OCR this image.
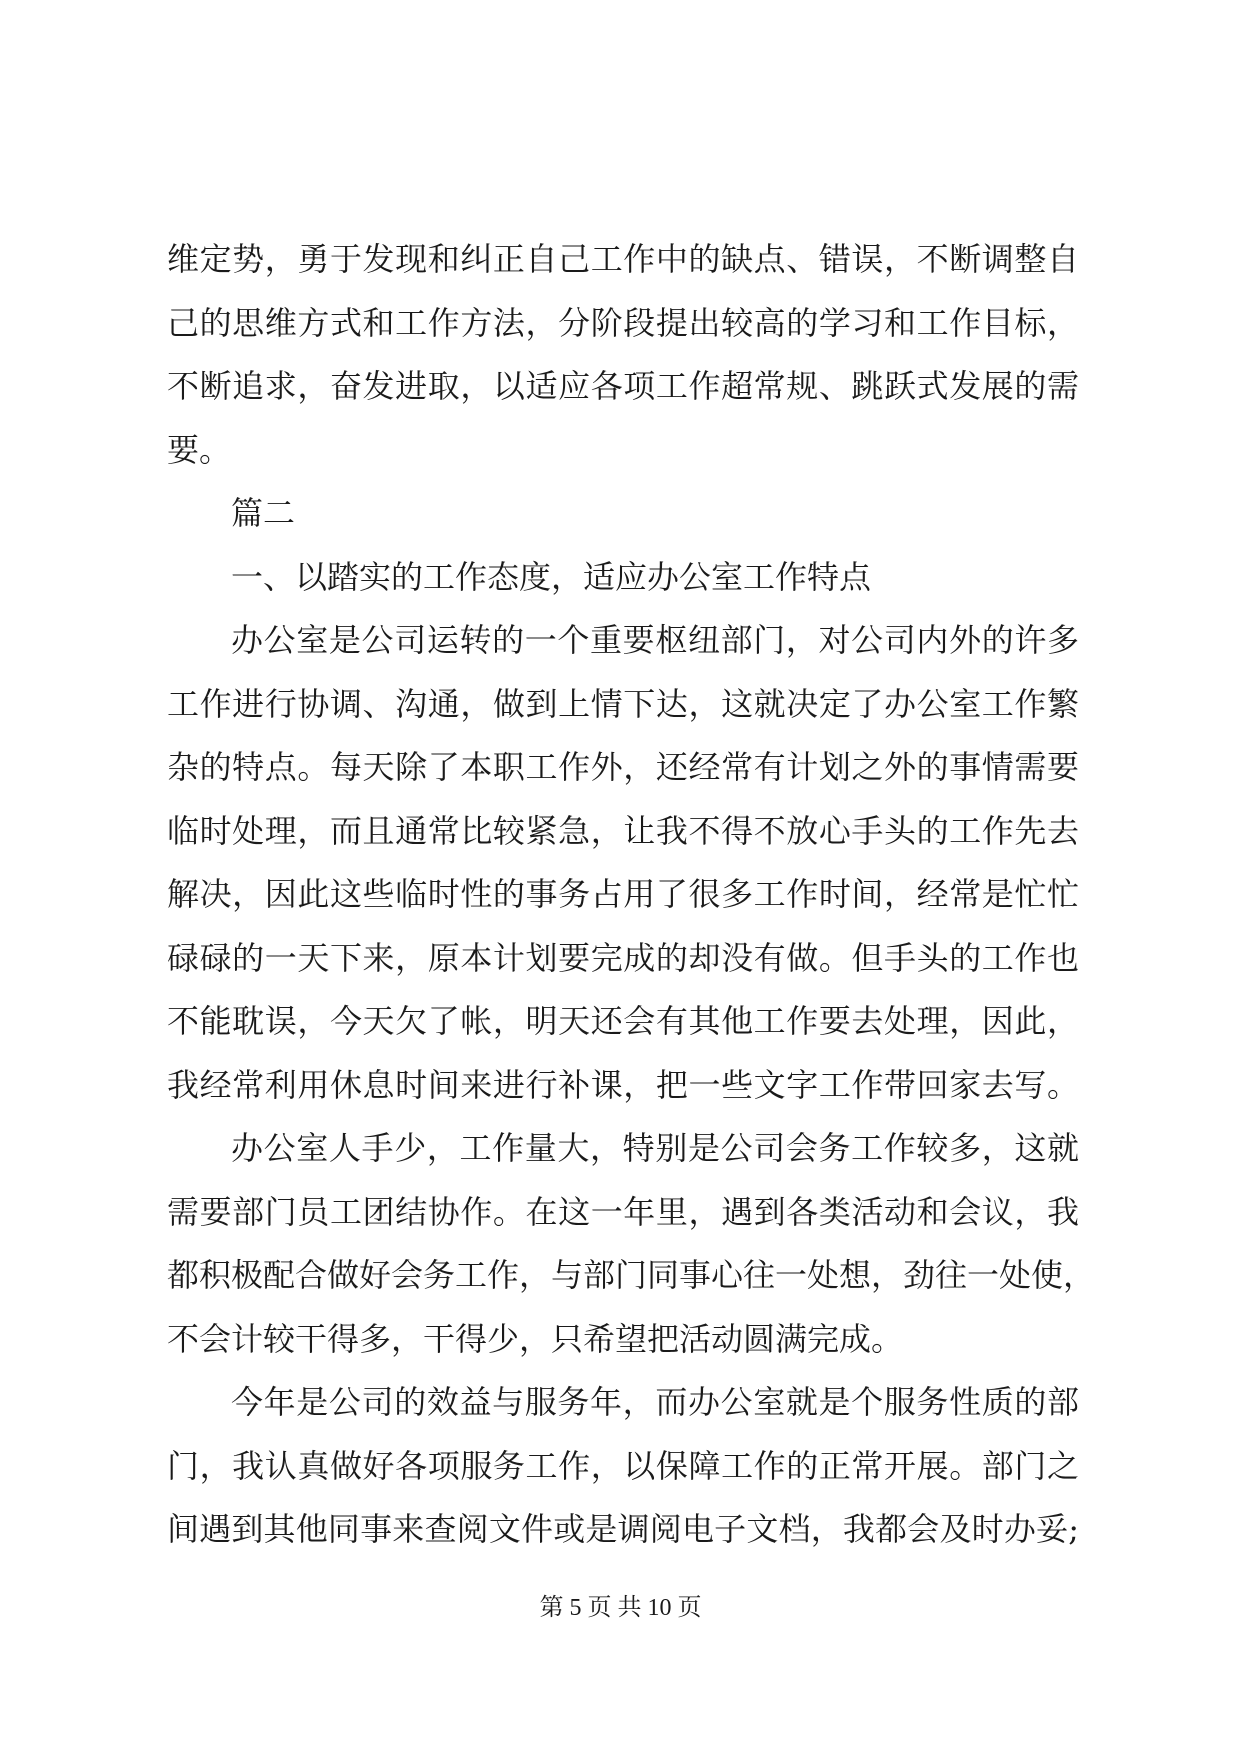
维定势，勇于发现和纠正自己工作中的缺点、错误，不断调整自
己的思维方式和工作方法，分阶段提出较高的学习和工作目标，
不断追求，奋发进取，以适应各项工作超常规、跳跃式发展的需
要。
篇二
一、以踏实的工作态度，适应办公室工作特点
办公室是公司运转的一个重要枢纽部门，对公司内外的许多
工作进行协调、沟通，做到上情下达，这就决定了办公室工作繁
杂的特点。每天除了本职工作外，还经常有计划之外的事情需要
临时处理，而且通常比较紧急，让我不得不放心手头的工作先去
解决，因此这些临时性的事务占用了很多工作时间，经常是忙忙
碌碌的一天下来，原本计划要完成的却没有做。但手头的工作也
不能耽误，今天欠了帐，明天还会有其他工作要去处理，因此，
我经常利用休息时间来进行补课，把一些文字工作带回家去写。
办公室人手少，工作量大，特别是公司会务工作较多，这就
需要部门员工团结协作。在这一年里，遇到各类活动和会议，我
都积极配合做好会务工作，与部门同事心往一处想，劲往一处使，
不会计较干得多，干得少，只希望把活动圆满完成。
今年是公司的效益与服务年，而办公室就是个服务性质的部
门，我认真做好各项服务工作，以保障工作的正常开展。部门之
间遇到其他同事来查阅文件或是调阅电子文档，我都会及时办妥;
第 5 页 共 10 页
